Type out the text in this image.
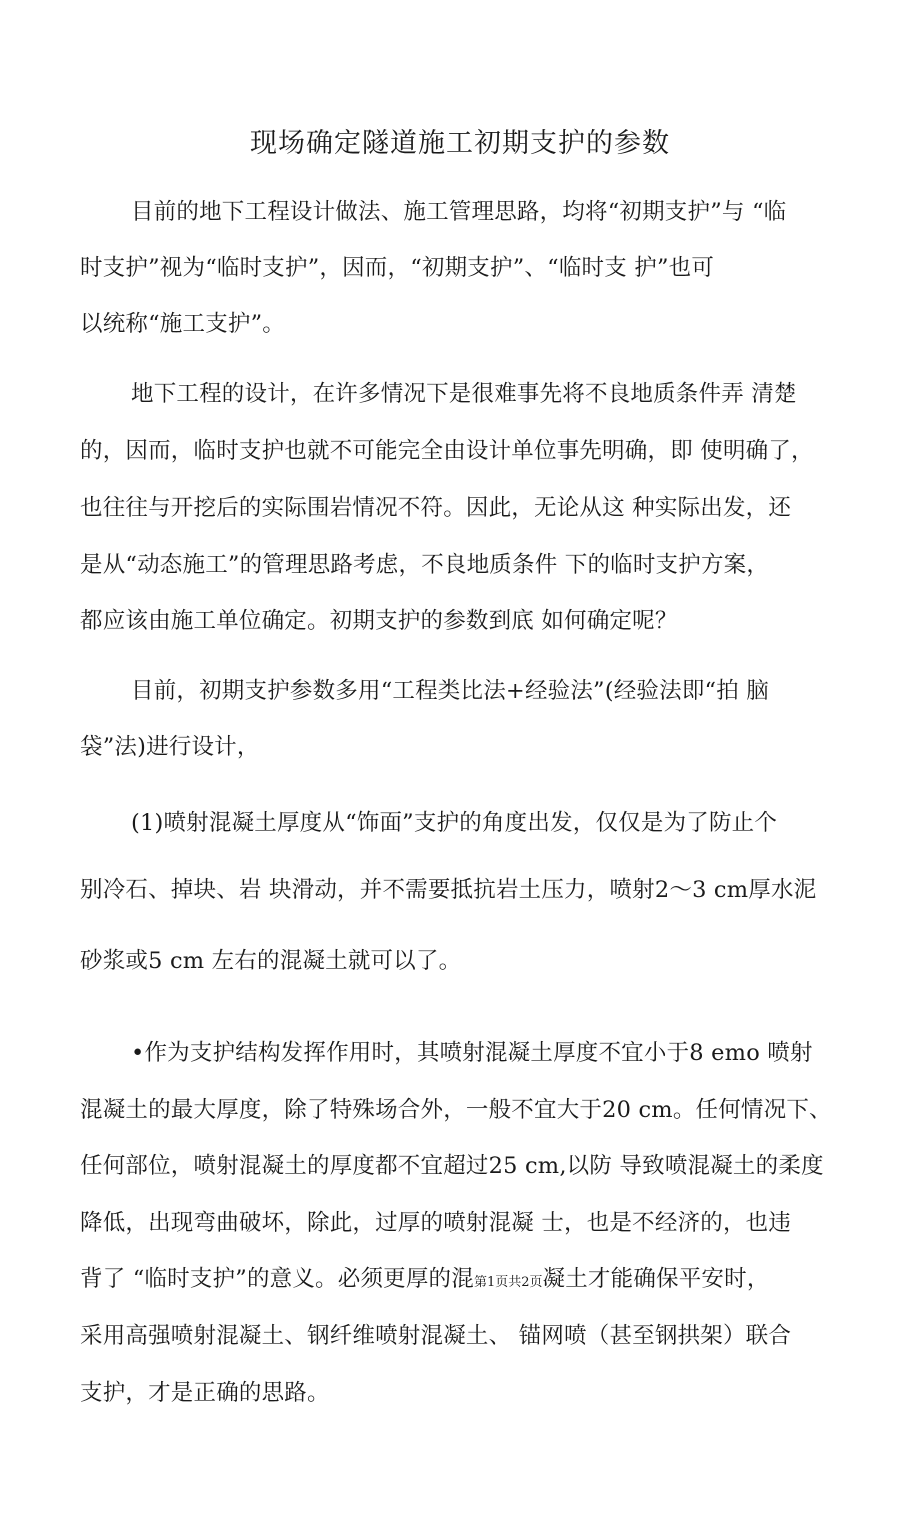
现场确定隧道施工初期支护的参数
目前的地下工程设计做法、施工管理思路，均将“初期支护”与 “临
时支护”视为“临时支护”，因而，“初期支护”、“临时支 护”也可
以统称“施工支护”。
地下工程的设计，在许多情况下是很难事先将不良地质条件弄 清楚
的，因而，临时支护也就不可能完全由设计单位事先明确，即 使明确了，
也往往与开挖后的实际围岩情况不符。因此，无论从这 种实际出发，还
是从“动态施工”的管理思路考虑，不良地质条件 下的临时支护方案，
都应该由施工单位确定。初期支护的参数到底 如何确定呢？
目前，初期支护参数多用“工程类比法+经验法”(经验法即“拍 脑
袋”法)进行设计，
(1)喷射混凝土厚度从“饰面”支护的角度出发，仅仅是为了防止个
别冷石、掉块、岩 块滑动，并不需要抵抗岩土压力，喷射2〜3 cm厚水泥
砂浆或5 cm 左右的混凝土就可以了。
•作为支护结构发挥作用时，其喷射混凝土厚度不宜小于8 emo 喷射
混凝土的最大厚度，除了特殊场合外，一般不宜大于20 cm。任何情况下、
任何部位，喷射混凝土的厚度都不宜超过25 cm,以防 导致喷混凝土的柔度
降低，出现弯曲破坏，除此，过厚的喷射混凝 士，也是不经济的，也违
背了 “临时支护”的意义。必须更厚的混第1页共2页凝土才能确保平安时，
采用高强喷射混凝土、钢纤维喷射混凝土、 锚网喷（甚至钢拱架）联合
支护，才是正确的思路。
